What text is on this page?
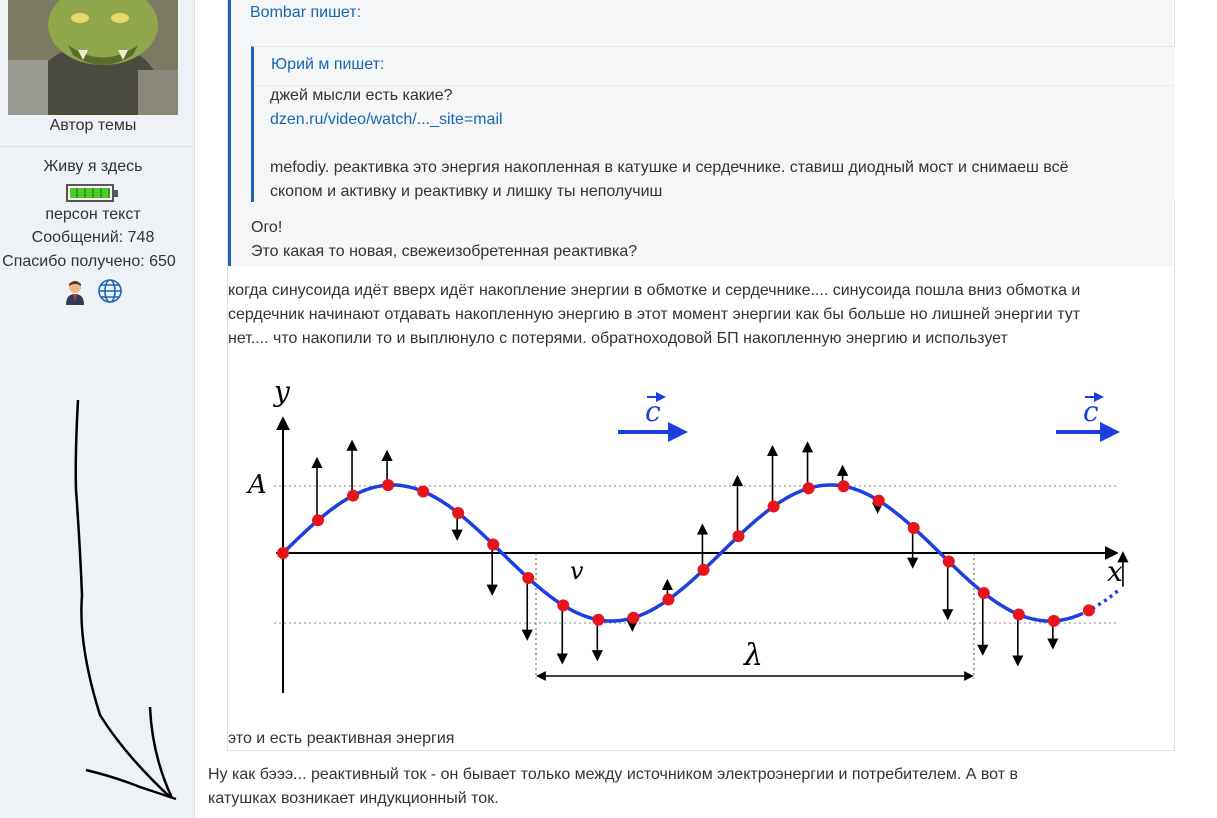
Автор темы
Живу я здесь
персон текст
Сообщений: 748
Спасибо получено: 650
Bombar пишет:
Юрий м пишет:
джей мысли есть какие?
dzen.ru/video/watch/..._site=mail
mefodiy. реактивка это энергия накопленная в катушке и сердечнике. ставиш диодный мост и снимаеш всё
скопом и активку и реактивку и лишку ты неполучиш
Ого!
Это какая то новая, свежеизобретенная реактивка?
когда синусоида идёт вверх идёт накопление энергии в обмотке и сердечнике.... синусоида пошла вниз обмотка и
сердечник начинают отдавать накопленную энергию в этот момент энергии как бы больше но лишней энергии тут
нет.... что накопили то и выплюнуло с потерями. обратноходовой БП накопленную энергию и использует
y
x
A
v
λ
c	c
это и есть реактивная энергия
Ну как бэээ... реактивный ток - он бывает только между источником электроэнергии и потребителем. А вот в
катушках возникает индукционный ток.
